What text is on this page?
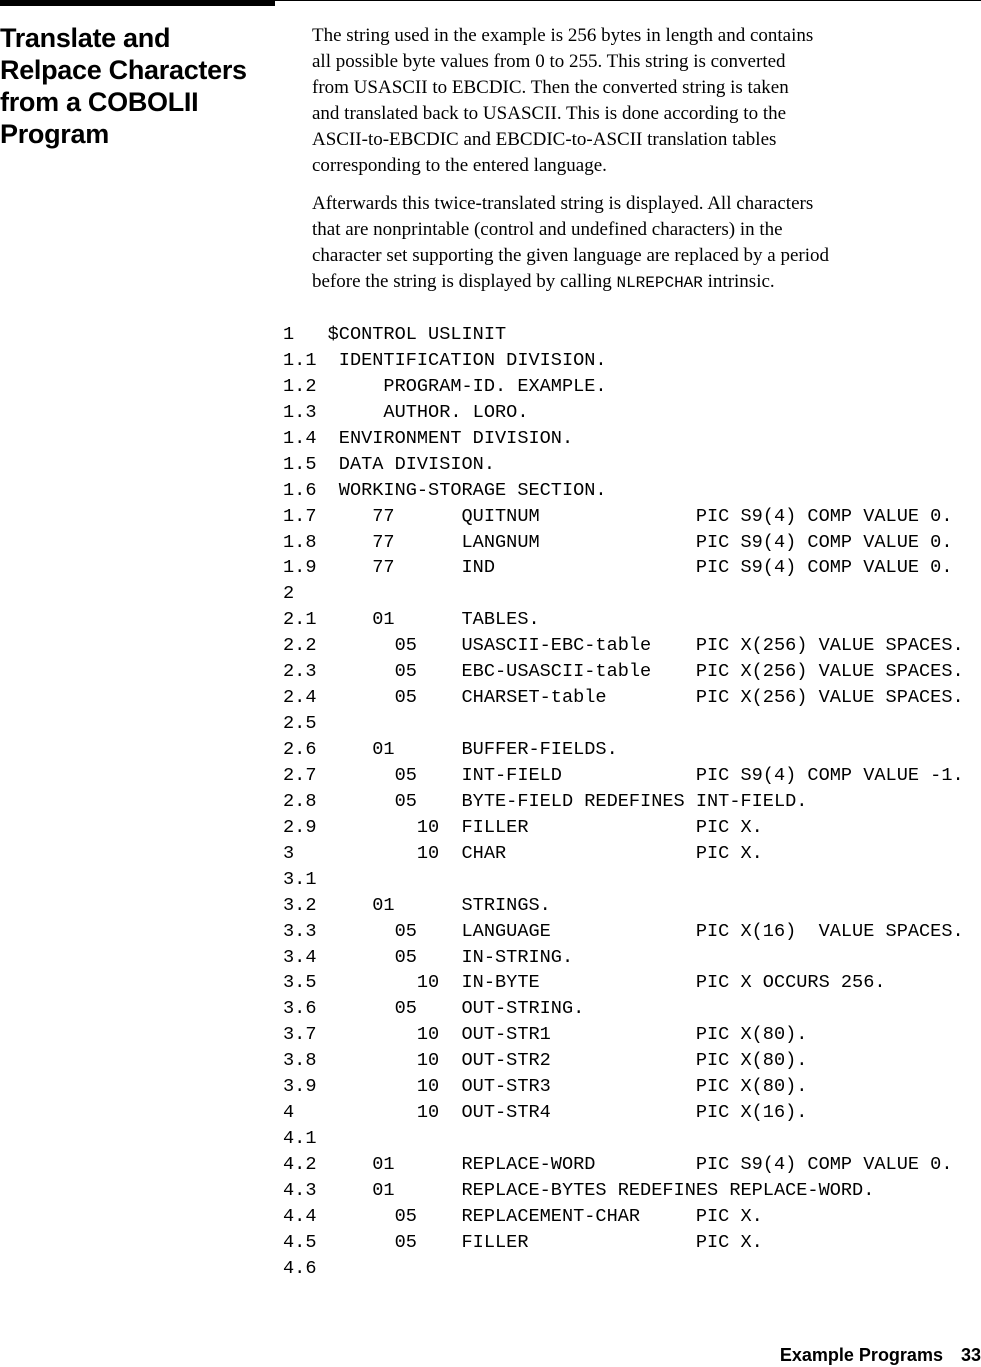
Translate and
Relpace Characters
from a COBOLII
Program

The string used in the example is 256 bytes in length and contains
all possible byte values from 0 to 255. This string is converted
from USASCII to EBCDIC. Then the converted string is taken
and translated back to USASCII. This is done according to the
ASCII-to-EBCDIC and EBCDIC-to-ASCII translation tables
corresponding to the entered language.

Afterwards this twice-translated string is displayed. All characters
that are nonprintable (control and undefined characters) in the
character set supporting the given language are replaced by a period
before the string is displayed by calling NLREPCHAR intrinsic.

1   $CONTROL USLINIT
1.1  IDENTIFICATION DIVISION.
1.2      PROGRAM-ID. EXAMPLE.
1.3      AUTHOR. LORO.
1.4  ENVIRONMENT DIVISION.
1.5  DATA DIVISION.
1.6  WORKING-STORAGE SECTION.
1.7     77      QUITNUM              PIC S9(4) COMP VALUE 0.
1.8     77      LANGNUM              PIC S9(4) COMP VALUE 0.
1.9     77      IND                  PIC S9(4) COMP VALUE 0.
2
2.1     01      TABLES.
2.2       05    USASCII-EBC-table    PIC X(256) VALUE SPACES.
2.3       05    EBC-USASCII-table    PIC X(256) VALUE SPACES.
2.4       05    CHARSET-table        PIC X(256) VALUE SPACES.
2.5
2.6     01      BUFFER-FIELDS.
2.7       05    INT-FIELD            PIC S9(4) COMP VALUE -1.
2.8       05    BYTE-FIELD REDEFINES INT-FIELD.
2.9         10  FILLER               PIC X.
3           10  CHAR                 PIC X.
3.1
3.2     01      STRINGS.
3.3       05    LANGUAGE             PIC X(16)  VALUE SPACES.
3.4       05    IN-STRING.
3.5         10  IN-BYTE              PIC X OCCURS 256.
3.6       05    OUT-STRING.
3.7         10  OUT-STR1             PIC X(80).
3.8         10  OUT-STR2             PIC X(80).
3.9         10  OUT-STR3             PIC X(80).
4           10  OUT-STR4             PIC X(16).
4.1
4.2     01      REPLACE-WORD         PIC S9(4) COMP VALUE 0.
4.3     01      REPLACE-BYTES REDEFINES REPLACE-WORD.
4.4       05    REPLACEMENT-CHAR     PIC X.
4.5       05    FILLER               PIC X.
4.6
Example Programs 33
